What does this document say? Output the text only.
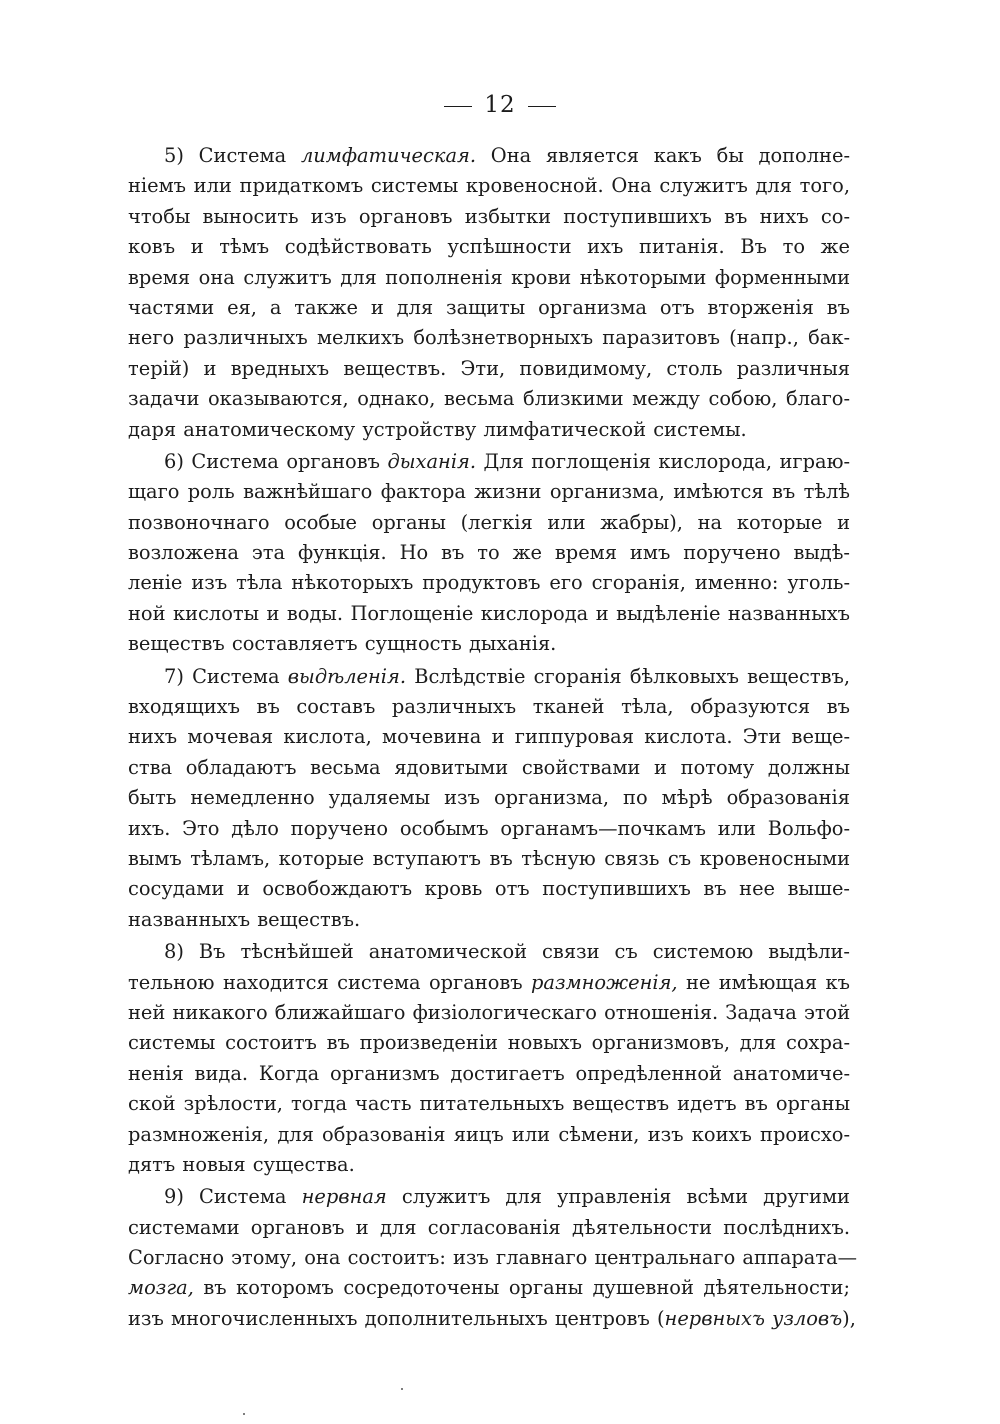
12
5) Система лимфатическая. Она является какъ бы дополне-
ніемъ или придаткомъ системы кровеносной. Она служитъ для того,
чтобы выносить изъ органовъ избытки поступившихъ въ нихъ со-
ковъ и тѣмъ содѣйствовать успѣшности ихъ питанія. Въ то же
время она служитъ для пополненія крови нѣкоторыми форменными
частями ея, а также и для защиты организма отъ вторженія въ
него различныхъ мелкихъ болѣзнетворныхъ паразитовъ (напр., бак-
терій) и вредныхъ веществъ. Эти, повидимому, столь различныя
задачи оказываются, однако, весьма близкими между собою, благо-
даря анатомическому устройству лимфатической системы.
6) Система органовъ дыханія. Для поглощенія кислорода, играю-
щаго роль важнѣйшаго фактора жизни организма, имѣются въ тѣлѣ
позвоночнаго особые органы (легкія или жабры), на которые и
возложена эта функція. Но въ то же время имъ поручено выдѣ-
леніе изъ тѣла нѣкоторыхъ продуктовъ его сгоранія, именно: уголь-
ной кислоты и воды. Поглощеніе кислорода и выдѣленіе названныхъ
веществъ составляетъ сущность дыханія.
7) Система выдѣленія. Вслѣдствіе сгоранія бѣлковыхъ веществъ,
входящихъ въ составъ различныхъ тканей тѣла, образуются въ
нихъ мочевая кислота, мочевина и гиппуровая кислота. Эти веще-
ства обладаютъ весьма ядовитыми свойствами и потому должны
быть немедленно удаляемы изъ организма, по мѣрѣ образованія
ихъ. Это дѣло поручено особымъ органамъ—почкамъ или Вольфо-
вымъ тѣламъ, которые вступаютъ въ тѣсную связь съ кровеносными
сосудами и освобождаютъ кровь отъ поступившихъ въ нее выше-
названныхъ веществъ.
8) Въ тѣснѣйшей анатомической связи съ системою выдѣли-
тельною находится система органовъ размноженія, не имѣющая къ
ней никакого ближайшаго физіологическаго отношенія. Задача этой
системы состоитъ въ произведеніи новыхъ организмовъ, для сохра-
ненія вида. Когда организмъ достигаетъ опредѣленной анатомиче-
ской зрѣлости, тогда часть питательныхъ веществъ идетъ въ органы
размноженія, для образованія яицъ или сѣмени, изъ коихъ происхо-
дятъ новыя существа.
9) Система нервная служитъ для управленія всѣми другими
системами органовъ и для согласованія дѣятельности послѣднихъ.
Согласно этому, она состоитъ: изъ главнаго центральнаго аппарата—
мозга, въ которомъ сосредоточены органы душевной дѣятельности;
изъ многочисленныхъ дополнительныхъ центровъ (нервныхъ узловъ),
